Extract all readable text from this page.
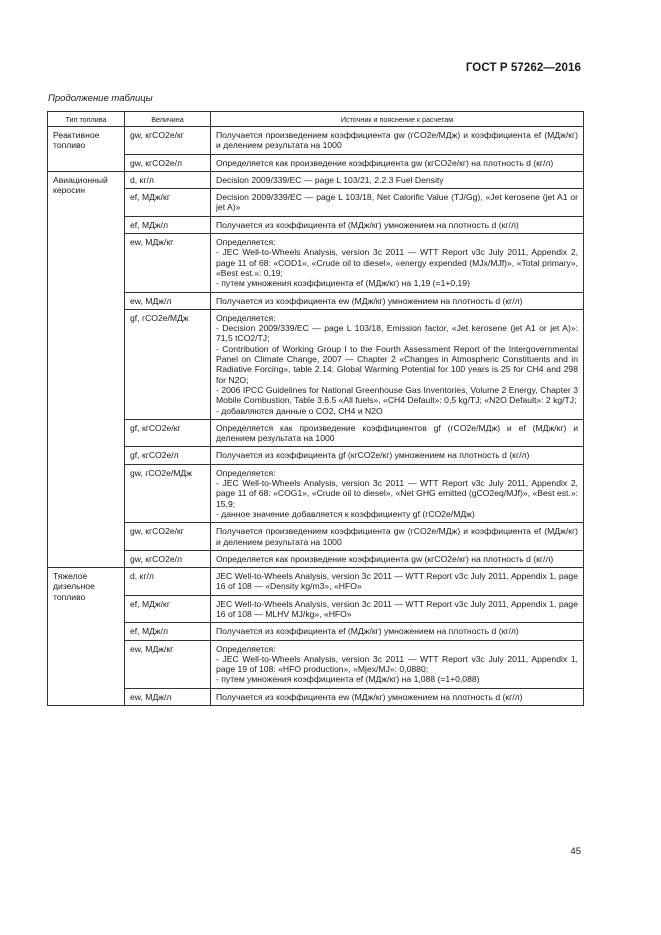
ГОСТ Р 57262—2016
Продолжение таблицы
Тип топлива	Величина	Источник и пояснение к расчетам
Реактивное топливо	gw, кгCO2e/кг	Получается произведением коэффициента gw (гCO2e/МДж) и коэффициента ef (МДж/кг) и делением результата на 1000

	gw, кгCO2e/л	Определяется как произведение коэффициента gw (кгCO2e/кг) на плотность d (кг/л)

Авиационный керосин	d, кг/л	Decision 2009/339/EC — page L 103/21, 2.2.3 Fuel Density

	ef, МДж/кг	Decision 2009/339/EC — page L 103/18, Net Calorific Value (TJ/Gg), «Jet kerosene (jet A1 or jet A)»

	ef, МДж/л	Получается из коэффициента ef (МДж/кг) умножением на плотность d (кг/л)

	ew, МДж/кг	Определяется:
- JEC Well-to-Wheels Analysis, version 3c 2011 — WTT Report v3c July 2011, Appendix 2, page 11 of 68: «COD1», «Crude oil to diesel», «energy expended (MJx/MJf)», «Total primary», «Best est.»: 0,19;
- путем умножения коэффициента ef (МДж/кг) на 1,19 (=1+0,19)

	ew, МДж/л	Получается из коэффициента ew (МДж/кг) умножением на плотность d (кг/л)

	gf, гCO2e/МДж	Определяется:
- Decision 2009/339/EC — page L 103/18, Emission factor, «Jet kerosene (jet A1 or jet A)»: 71,5 tCO2/TJ;
- Contribution of Working Group I to the Fourth Assessment Report of the Intergovernmental Panel on Climate Change, 2007 — Chapter 2 «Changes in Atmospheric Constituents and in Radiative Forcing», table 2.14: Global Warming Potential for 100 years is 25 for CH4 and 298 for N2O;
- 2006 IPCC Guidelines for National Greenhouse Gas Inventories, Volume 2 Energy, Chapter 3 Mobile Combustion, Table 3.6.5 «All fuels», «CH4 Default»: 0,5 kg/TJ; «N2O Default»: 2 kg/TJ;
- добавляются данные о CO2, CH4 и N2O

	gf, кгCO2e/кг	Определяется как произведение коэффициентов gf (гCO2e/МДж) и ef (МДж/кг) и делением результата на 1000

	gf, кгCO2e/л	Получается из коэффициента gf (кгCO2e/кг) умножением на плотность d (кг/л)

	gw, гCO2e/МДж	Определяется:
- JEC Well-to-Wheels Analysis, version 3c 2011 — WTT Report v3c July 2011, Appendix 2, page 11 of 68: «COG1», «Crude oil to diesel», «Net GHG emitted (gCO2eq/MJf)», «Best est.»: 15,9;
- данное значение добавляется к коэффициенту gf (гCO2e/МДж)

	gw, кгCO2e/кг	Получается произведением коэффициента gw (гCO2e/МДж) и коэффициента ef (МДж/кг) и делением результата на 1000

	gw, кгCO2e/л	Определяется как произведение коэффициента gw (кгCO2e/кг) на плотность d (кг/л)

Тяжелое дизельное топливо	d, кг/л	JEC Well-to-Wheels Analysis, version 3c 2011 — WTT Report v3c July 2011, Appendix 1, page 16 of 108 — «Density kg/m3», «HFO»

	ef, МДж/кг	JEC Well-to-Wheels Analysis, version 3c 2011 — WTT Report v3c July 2011, Appendix 1, page 16 of 108 — MLHV MJ/kg», «HFO»

	ef, МДж/л	Получается из коэффициента ef (МДж/кг) умножением на плотность d (кг/л)

	ew, МДж/кг	Определяется:
- JEC Well-to-Wheels Analysis, version 3c 2011 — WTT Report v3c July 2011, Appendix 1, page 19 of 108: «HFO production», «Mjex/MJ»: 0,0880;
- путем умножения коэффициента ef (МДж/кг) на 1,088 (=1+0,088)

	ew, МДж/л	Получается из коэффициента ew (МДж/кг) умножением на плотность d (кг/л)
45
